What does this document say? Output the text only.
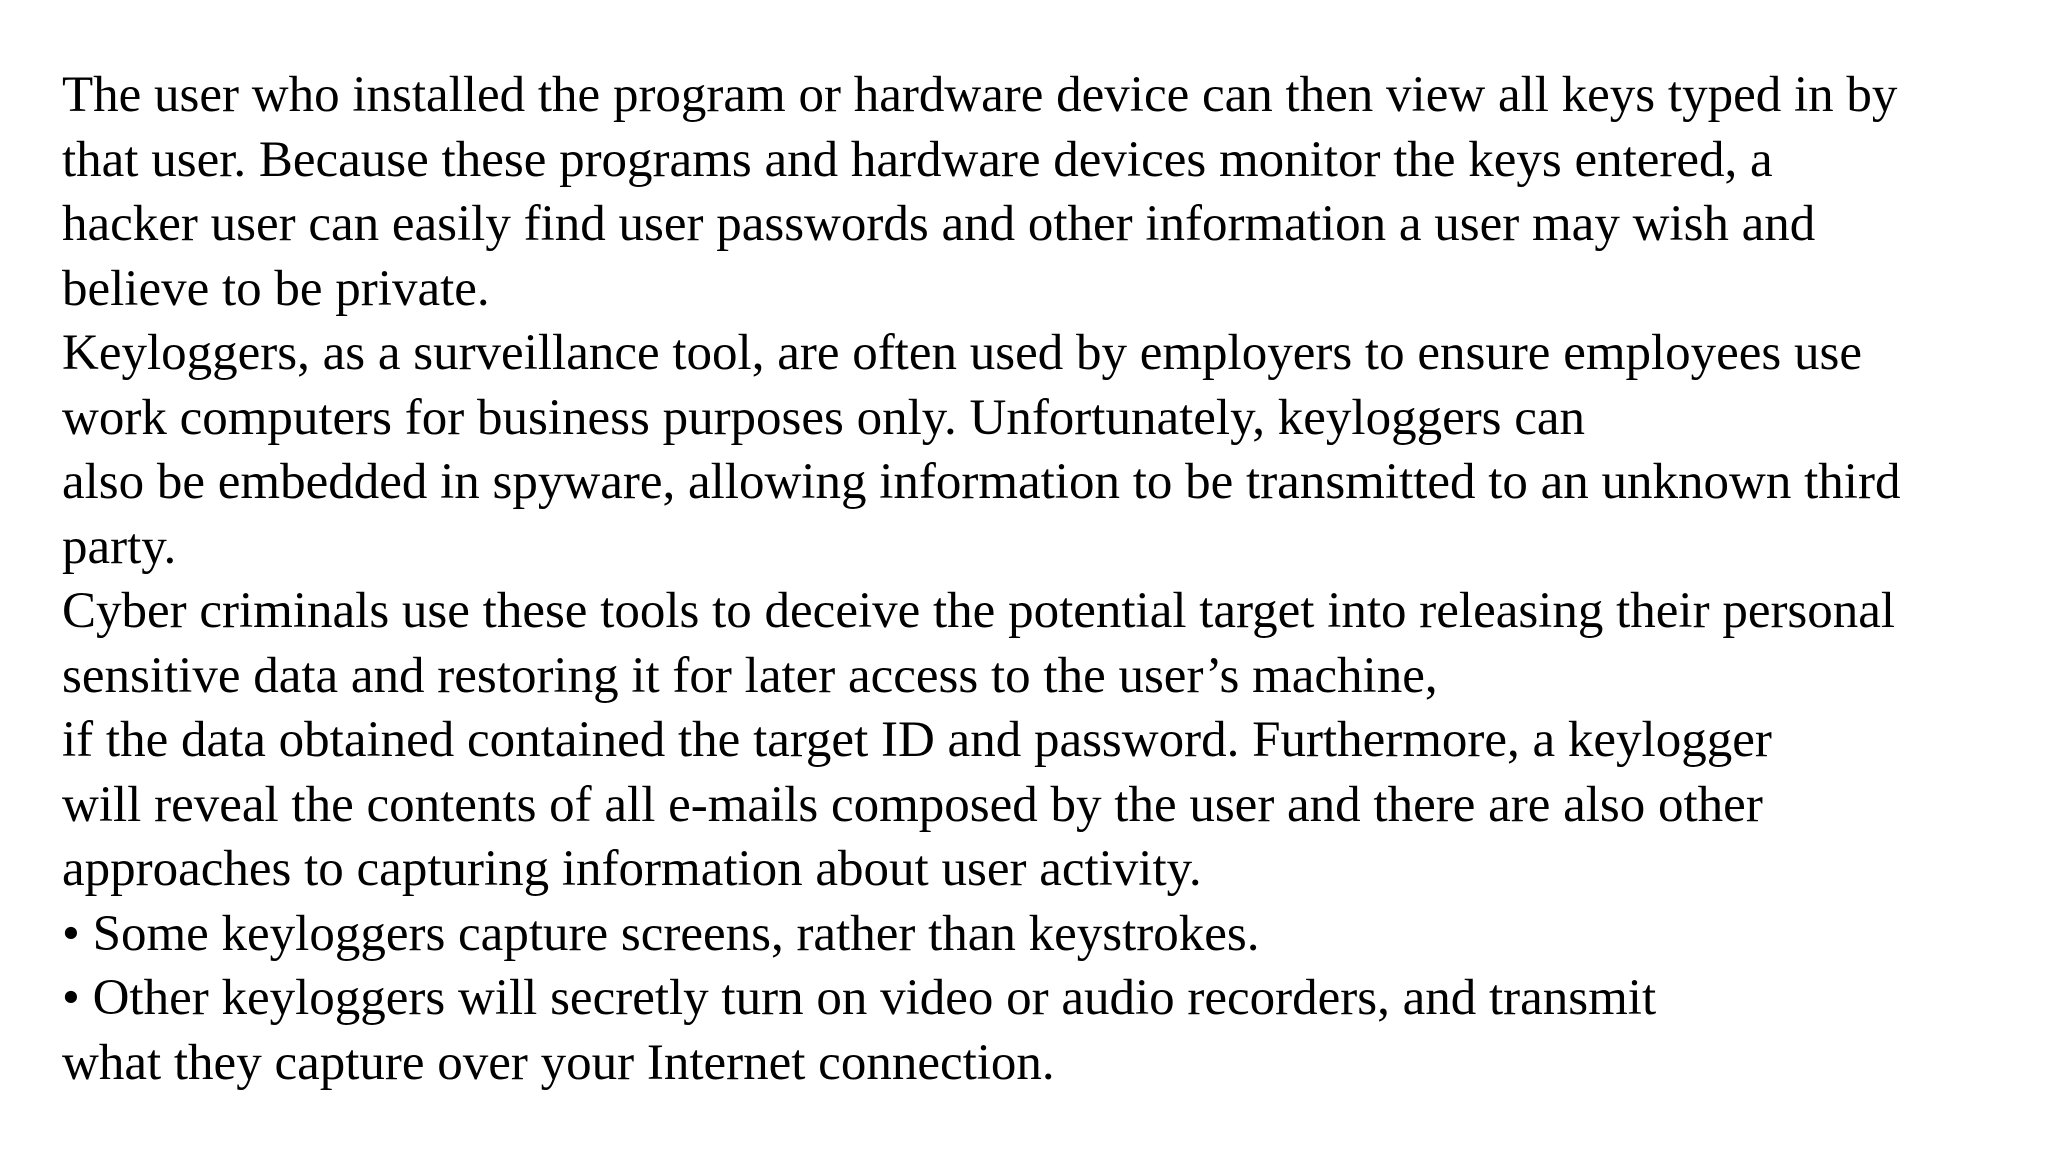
The user who installed the program or hardware device can then view all keys typed in by
that user. Because these programs and hardware devices monitor the keys entered, a
hacker user can easily find user passwords and other information a user may wish and
believe to be private.
Keyloggers, as a surveillance tool, are often used by employers to ensure employees use
work computers for business purposes only. Unfortunately, keyloggers can
also be embedded in spyware, allowing information to be transmitted to an unknown third
party.
Cyber criminals use these tools to deceive the potential target into releasing their personal
sensitive data and restoring it for later access to the user’s machine,
if the data obtained contained the target ID and password. Furthermore, a keylogger
will reveal the contents of all e-mails composed by the user and there are also other
approaches to capturing information about user activity.
• Some keyloggers capture screens, rather than keystrokes.
• Other keyloggers will secretly turn on video or audio recorders, and transmit
what they capture over your Internet connection.
